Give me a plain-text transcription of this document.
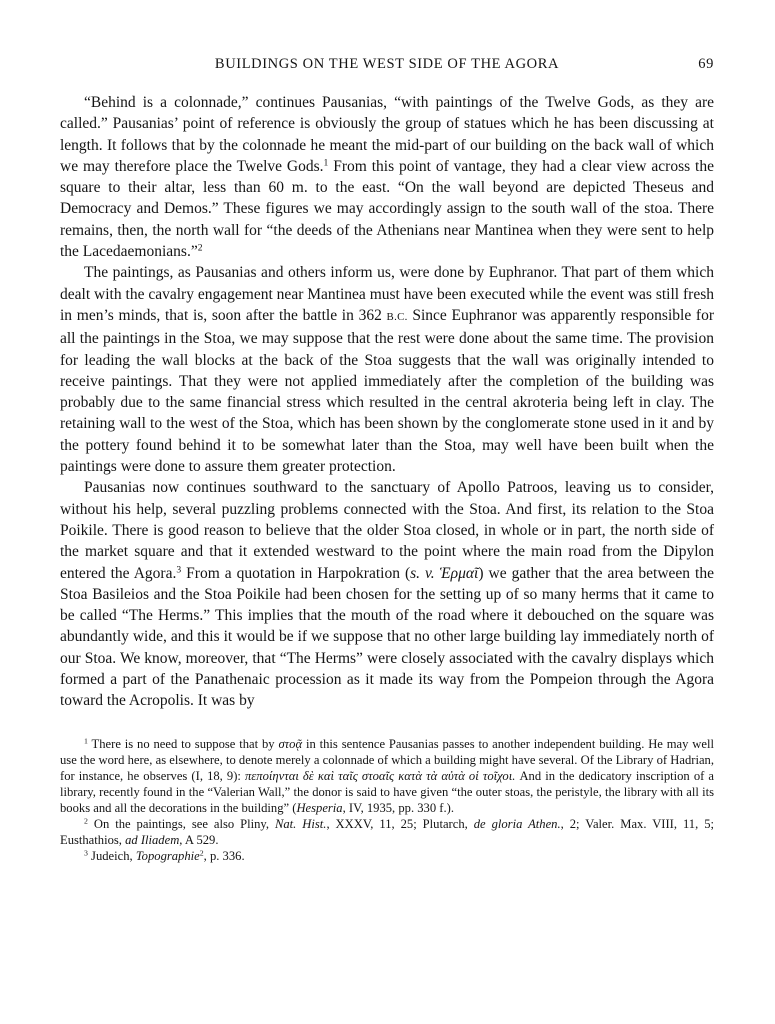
BUILDINGS ON THE WEST SIDE OF THE AGORA	69

“Behind is a colonnade,” continues Pausanias, “with paintings of the Twelve Gods, as they are called.” Pausanias’ point of reference is obviously the group of statues which he has been discussing at length. It follows that by the colonnade he meant the mid-part of our building on the back wall of which we may therefore place the Twelve Gods.$^1$ From this point of vantage, they had a clear view across the square to their altar, less than 60 m. to the east. “On the wall beyond are depicted Theseus and Democracy and Demos.” These figures we may accordingly assign to the south wall of the stoa. There remains, then, the north wall for “the deeds of the Athenians near Mantinea when they were sent to help the Lacedaemonians.”$^2$

The paintings, as Pausanias and others inform us, were done by Euphranor. That part of them which dealt with the cavalry engagement near Mantinea must have been executed while the event was still fresh in men’s minds, that is, soon after the battle in 362 B.C. Since Euphranor was apparently responsible for all the paintings in the Stoa, we may suppose that the rest were done about the same time. The provision for leading the wall blocks at the back of the Stoa suggests that the wall was originally intended to receive paintings. That they were not applied immediately after the completion of the building was probably due to the same financial stress which resulted in the central akroteria being left in clay. The retaining wall to the west of the Stoa, which has been shown by the conglomerate stone used in it and by the pottery found behind it to be somewhat later than the Stoa, may well have been built when the paintings were done to assure them greater protection.

Pausanias now continues southward to the sanctuary of Apollo Patroos, leaving us to consider, without his help, several puzzling problems connected with the Stoa. And first, its relation to the Stoa Poikile. There is good reason to believe that the older Stoa closed, in whole or in part, the north side of the market square and that it extended westward to the point where the main road from the Dipylon entered the Agora.$^3$ From a quotation in Harpokration (s. v. Ἑρμαῖ) we gather that the area between the Stoa Basileios and the Stoa Poikile had been chosen for the setting up of so many herms that it came to be called “The Herms.” This implies that the mouth of the road where it debouched on the square was abundantly wide, and this it would be if we suppose that no other large building lay immediately north of our Stoa. We know, moreover, that “The Herms” were closely associated with the cavalry displays which formed a part of the Panathenaic procession as it made its way from the Pompeion through the Agora toward the Acropolis. It was by

$^1$ There is no need to suppose that by στοᾷ in this sentence Pausanias passes to another independent building. He may well use the word here, as elsewhere, to denote merely a colonnade of which a building might have several. Of the Library of Hadrian, for instance, he observes (I, 18, 9): πεποίηνται δὲ καὶ ταῖς στοαῖς κατὰ τὰ αὐτὰ οἱ τοῖχοι. And in the dedicatory inscription of a library, recently found in the “Valerian Wall,” the donor is said to have given “the outer stoas, the peristyle, the library with all its books and all the decorations in the building” (Hesperia, IV, 1935, pp. 330 f.).

$^2$ On the paintings, see also Pliny, Nat. Hist., XXXV, 11, 25; Plutarch, de gloria Athen., 2; Valer. Max. VIII, 11, 5; Eusthathios, ad Iliadem, A 529.

$^3$ Judeich, Topographie$^2$, p. 336.
